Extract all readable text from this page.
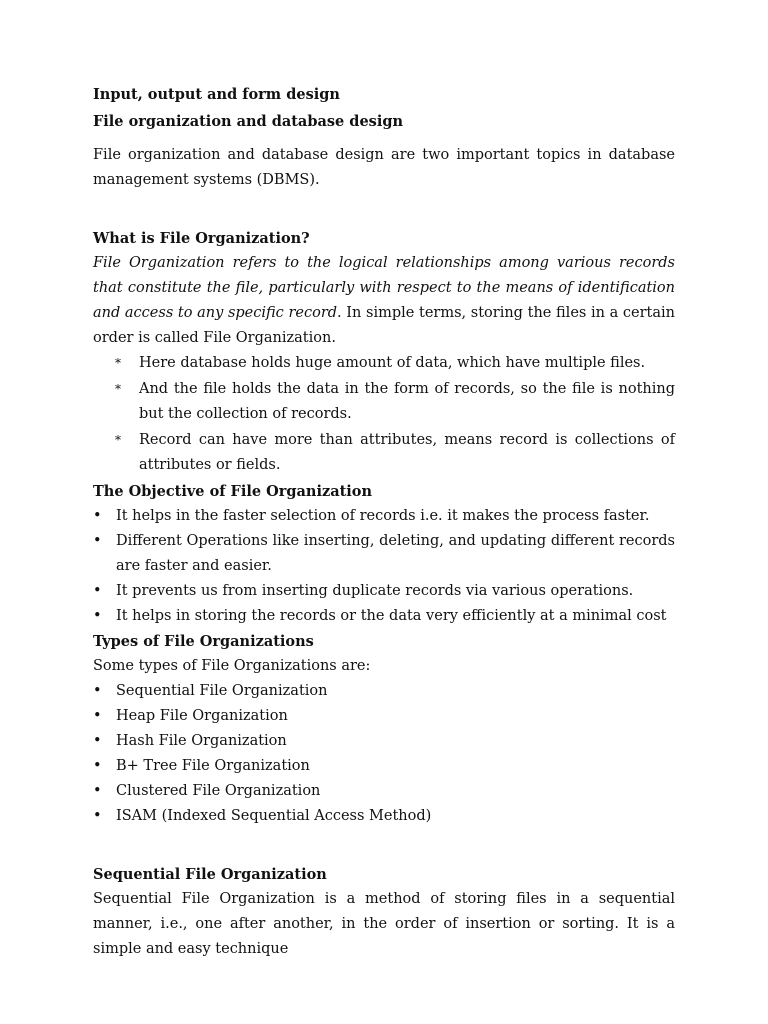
Input, output and form design

File organization and database design

File organization and database design are two important topics in database management systems (DBMS).

What is File Organization?

File Organization refers to the logical relationships among various records that constitute the file, particularly with respect to the means of identification and access to any specific record. In simple terms, storing the files in a certain order is called File Organization.

* Here database holds huge amount of data, which have multiple files.
* And the file holds the data in the form of records, so the file is nothing but the collection of records.
* Record can have more than attributes, means record is collections of attributes or fields.

The Objective of File Organization

• It helps in the faster selection of records i.e. it makes the process faster.
• Different Operations like inserting, deleting, and updating different records are faster and easier.
• It prevents us from inserting duplicate records via various operations.
• It helps in storing the records or the data very efficiently at a minimal cost

Types of File Organizations

Some types of File Organizations are:

• Sequential File Organization
• Heap File Organization
• Hash File Organization
• B+ Tree File Organization
• Clustered File Organization
• ISAM (Indexed Sequential Access Method)

Sequential File Organization

Sequential File Organization is a method of storing files in a sequential manner, i.e., one after another, in the order of insertion or sorting. It is a simple and easy technique
